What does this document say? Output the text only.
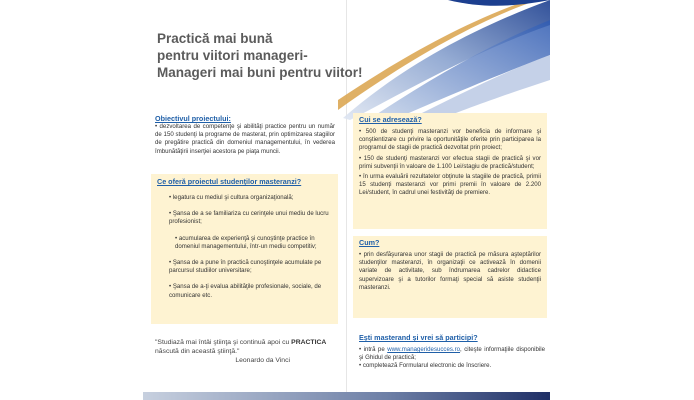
Practică mai bună
pentru viitori manageri-
Manageri mai buni pentru viitor!
Obiectivul proiectului:
• dezvoltarea de competenţe şi abilităţi practice pentru un număr de 150 studenţi la programe de masterat, prin optimizarea stagiilor de pregătire practică din domeniul managementului, în vederea îmbunătăţirii inserţiei acestora pe piaţa muncii.
Ce oferă proiectul studenţilor masteranzi?
• legatura cu mediul şi cultura organizaţională;
• Şansa de a se familiariza cu cerinţele unui mediu de lucru profesionist;
• acumularea de experienţă şi cunoştinţe practice în domeniul managementului, într-un mediu competitiv;
• Şansa de a pune în practică cunoştinţele acumulate pe parcursul studiilor universitare;
• Şansa de a-ţi evalua abilităţile profesionale, sociale, de comunicare etc.
"Studiază mai întâi ştiinţa şi continuă apoi cu PRACTICA născută din această ştiinţă."
Leonardo da Vinci
Cui se adresează?
• 500 de studenţi masteranzi vor beneficia de informare şi conştientizare cu privire la oportunităţile oferite prin participarea la programul de stagii de practică dezvoltat prin proiect;
• 150 de studenţi masteranzi vor efectua stagii de practică şi vor primi subvenţii în valoare de 1.100 Lei/stagiu de practică/student;
• în urma evaluării rezultatelor obţinute la stagiile de practică, primii 15 studenţi masteranzi vor primi premii în valoare de 2.200 Lei/student, în cadrul unei festivităţi de premiere.
Cum?
• prin desfăşurarea unor stagii de practică pe măsura aşteptărilor studenţilor masteranzi, în organizaţii ce activează în domenii variate de activitate, sub îndrumarea cadrelor didactice supervizoare şi a tutorilor formaţi special să asiste studenţii masteranzi.
Eşti masterand şi vrei să participi?
• intră pe www.manageridesucces.ro, citeşte informaţiile disponibile şi Ghidul de practică;
• completează Formularul electronic de înscriere.
